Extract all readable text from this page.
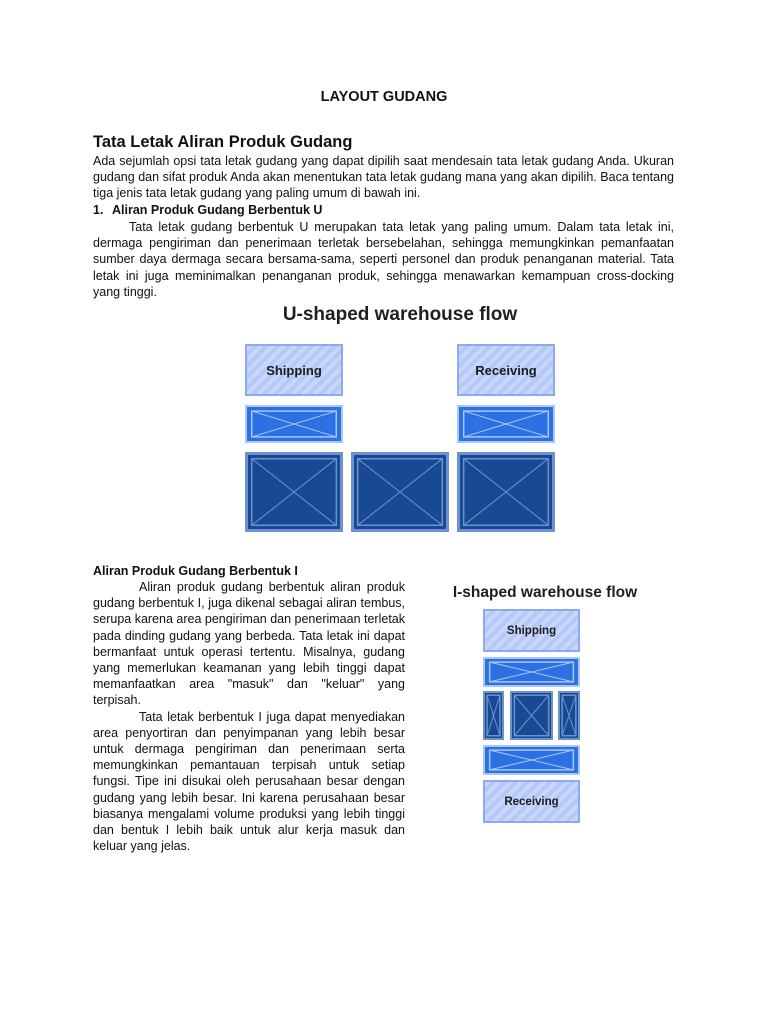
LAYOUT GUDANG
Tata Letak Aliran Produk Gudang
Ada sejumlah opsi tata letak gudang yang dapat dipilih saat mendesain tata letak gudang Anda. Ukuran gudang dan sifat produk Anda akan menentukan tata letak gudang mana yang akan dipilih. Baca tentang tiga jenis tata letak gudang yang paling umum di bawah ini.
1. Aliran Produk Gudang Berbentuk U
Tata letak gudang berbentuk U merupakan tata letak yang paling umum. Dalam tata letak ini, dermaga pengiriman dan penerimaan terletak bersebelahan, sehingga memungkinkan pemanfaatan sumber daya dermaga secara bersama-sama, seperti personel dan produk penanganan material. Tata letak ini juga meminimalkan penanganan produk, sehingga menawarkan kemampuan cross-docking yang tinggi.
U-shaped warehouse flow
Shipping	Receiving
Aliran Produk Gudang Berbentuk I

Aliran produk gudang berbentuk aliran produk gudang berbentuk I, juga dikenal sebagai aliran tembus, serupa karena area pengiriman dan penerimaan terletak pada dinding gudang yang berbeda. Tata letak ini dapat bermanfaat untuk operasi tertentu. Misalnya, gudang yang memerlukan keamanan yang lebih tinggi dapat memanfaatkan area "masuk" dan "keluar" yang terpisah.

Tata letak berbentuk I juga dapat menyediakan area penyortiran dan penyimpanan yang lebih besar untuk dermaga pengiriman dan penerimaan serta memungkinkan pemantauan terpisah untuk setiap fungsi. Tipe ini disukai oleh perusahaan besar dengan gudang yang lebih besar. Ini karena perusahaan besar biasanya mengalami volume produksi yang lebih tinggi dan bentuk I lebih baik untuk alur kerja masuk dan keluar yang jelas.

I-shaped warehouse flow
Shipping
Receiving
